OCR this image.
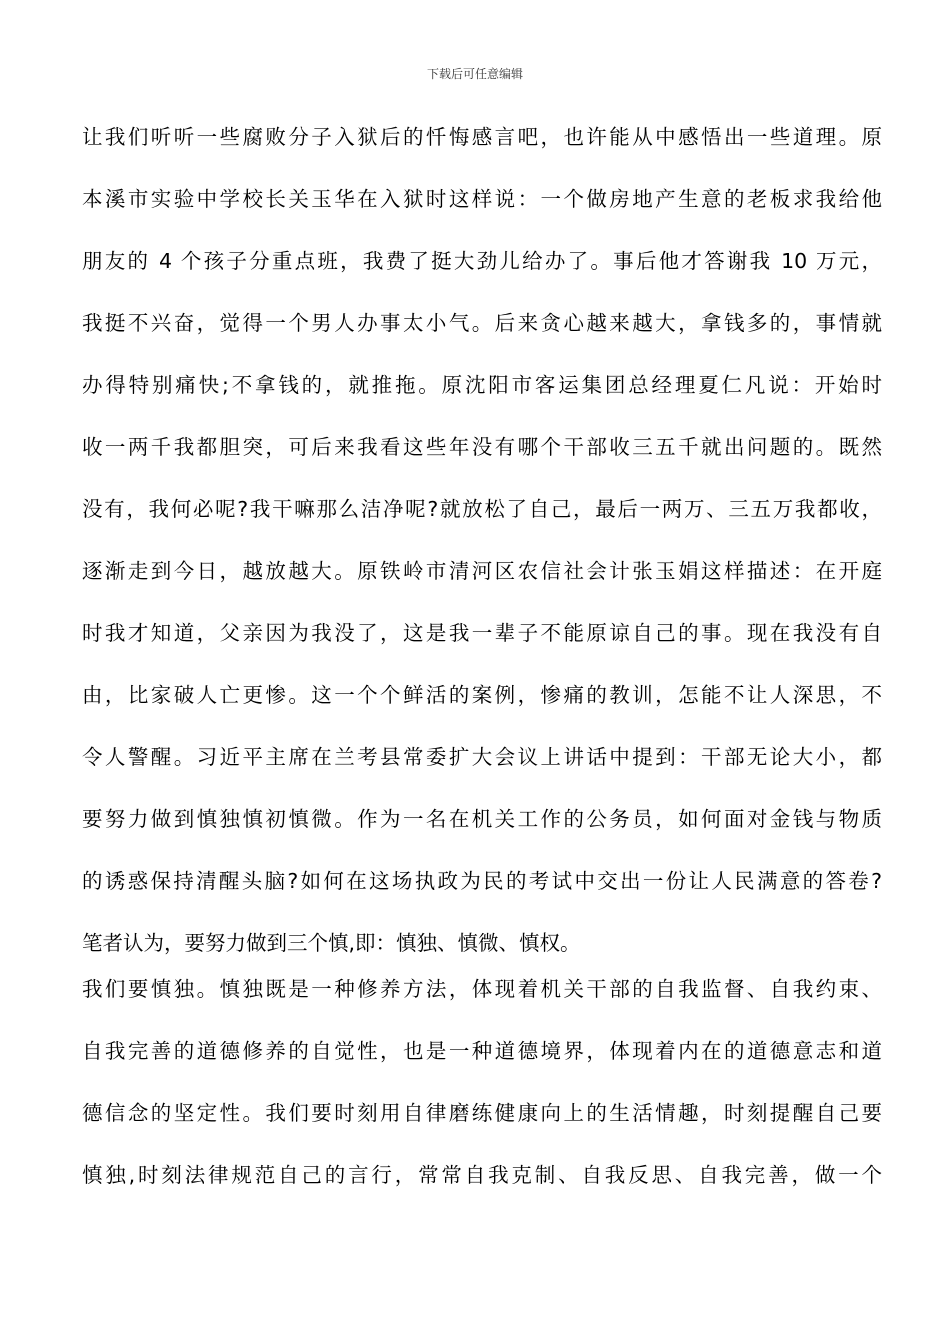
下载后可任意编辑
让我们听听一些腐败分子入狱后的忏悔感言吧，也许能从中感悟出一些道理。原
本溪市实验中学校长关玉华在入狱时这样说：一个做房地产生意的老板求我给他
朋友的 4 个孩子分重点班，我费了挺大劲儿给办了。事后他才答谢我 10 万元，
我挺不兴奋，觉得一个男人办事太小气。后来贪心越来越大，拿钱多的，事情就
办得特别痛快;不拿钱的，就推拖。原沈阳市客运集团总经理夏仁凡说：开始时
收一两千我都胆突，可后来我看这些年没有哪个干部收三五千就出问题的。既然
没有，我何必呢?我干嘛那么洁净呢?就放松了自己，最后一两万、三五万我都收，
逐渐走到今日，越放越大。原铁岭市清河区农信社会计张玉娟这样描述：在开庭
时我才知道，父亲因为我没了，这是我一辈子不能原谅自己的事。现在我没有自
由，比家破人亡更惨。这一个个鲜活的案例，惨痛的教训，怎能不让人深思，不
令人警醒。习近平主席在兰考县常委扩大会议上讲话中提到：干部无论大小，都
要努力做到慎独慎初慎微。作为一名在机关工作的公务员，如何面对金钱与物质
的诱惑保持清醒头脑?如何在这场执政为民的考试中交出一份让人民满意的答卷?
笔者认为，要努力做到三个慎,即：慎独、慎微、慎权。
我们要慎独。慎独既是一种修养方法，体现着机关干部的自我监督、自我约束、
自我完善的道德修养的自觉性，也是一种道德境界，体现着内在的道德意志和道
德信念的坚定性。我们要时刻用自律磨练健康向上的生活情趣，时刻提醒自己要
慎独,时刻法律规范自己的言行，常常自我克制、自我反思、自我完善，做一个
